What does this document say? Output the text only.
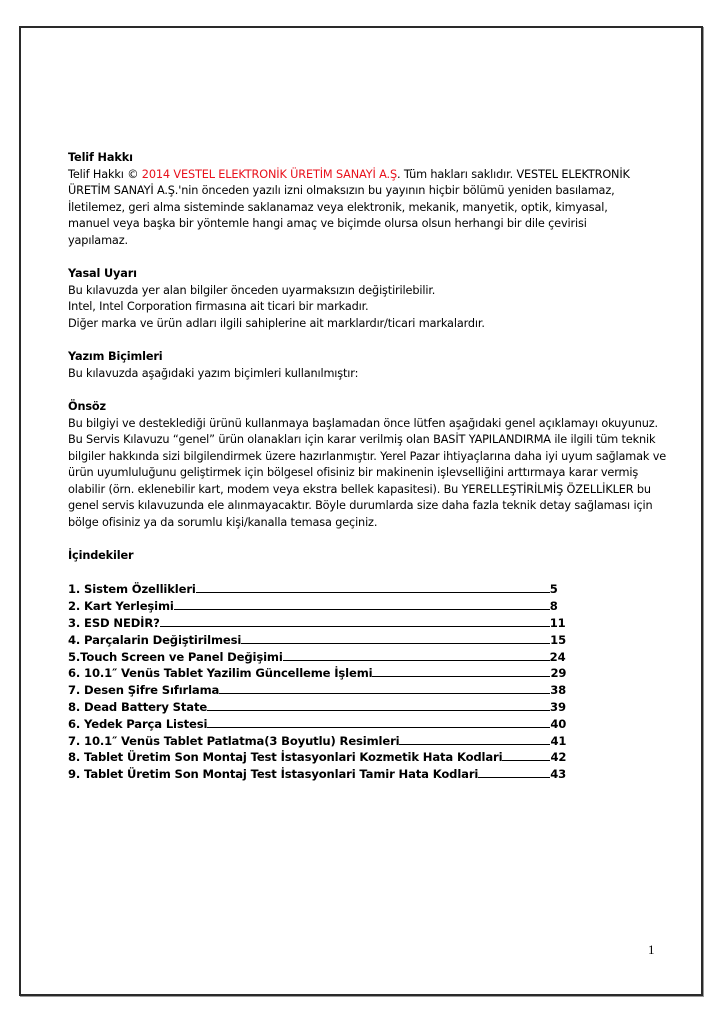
Telif Hakkı
Telif Hakkı © 2014 VESTEL ELEKTRONİK ÜRETİM SANAYİ A.Ş. Tüm hakları saklıdır. VESTEL ELEKTRONİK
ÜRETİM SANAYİ A.Ş.'nin önceden yazılı izni olmaksızın bu yayının hiçbir bölümü yeniden basılamaz,
İletilemez, geri alma sisteminde saklanamaz veya elektronik, mekanik, manyetik, optik, kimyasal,
manuel veya başka bir yöntemle hangi amaç ve biçimde olursa olsun herhangi bir dile çevirisi
yapılamaz.
Yasal Uyarı
Bu kılavuzda yer alan bilgiler önceden uyarmaksızın değiştirilebilir.
Intel, Intel Corporation firmasına ait ticari bir markadır.
Diğer marka ve ürün adları ilgili sahiplerine ait marklardır/ticari markalardır.
Yazım Biçimleri
Bu kılavuzda aşağıdaki yazım biçimleri kullanılmıştır:
Önsöz
Bu bilgiyi ve desteklediği ürünü kullanmaya başlamadan önce lütfen aşağıdaki genel açıklamayı okuyunuz.
Bu Servis Kılavuzu “genel” ürün olanakları için karar verilmiş olan BASİT YAPILANDIRMA ile ilgili tüm teknik
bilgiler hakkında sizi bilgilendirmek üzere hazırlanmıştır. Yerel Pazar ihtiyaçlarına daha iyi uyum sağlamak ve
ürün uyumluluğunu geliştirmek için bölgesel ofisiniz bir makinenin işlevselliğini arttırmaya karar vermiş
olabilir (örn. eklenebilir kart, modem veya ekstra bellek kapasitesi). Bu YERELLEŞTİRİLMİŞ ÖZELLİKLER bu
genel servis kılavuzunda ele alınmayacaktır. Böyle durumlarda size daha fazla teknik detay sağlaması için
bölge ofisiniz ya da sorumlu kişi/kanalla temasa geçiniz.
İçindekiler
1. Sistem Özellikleri	5
2. Kart Yerleşimi	8
3. ESD NEDİR?	11
4. Parçalarin Değiştirilmesi	15
5.Touch Screen ve Panel Değişimi	24
6. 10.1″ Venüs Tablet Yazilim Güncelleme İşlemi	29
7. Desen Şifre Sıfırlama	38
8. Dead Battery State	39
6. Yedek Parça Listesi	40
7. 10.1″ Venüs Tablet Patlatma(3 Boyutlu) Resimleri	41
8. Tablet Üretim Son Montaj Test İstasyonlari Kozmetik Hata Kodlari	42
9. Tablet Üretim Son Montaj Test İstasyonlari Tamir Hata Kodlari	43
1
